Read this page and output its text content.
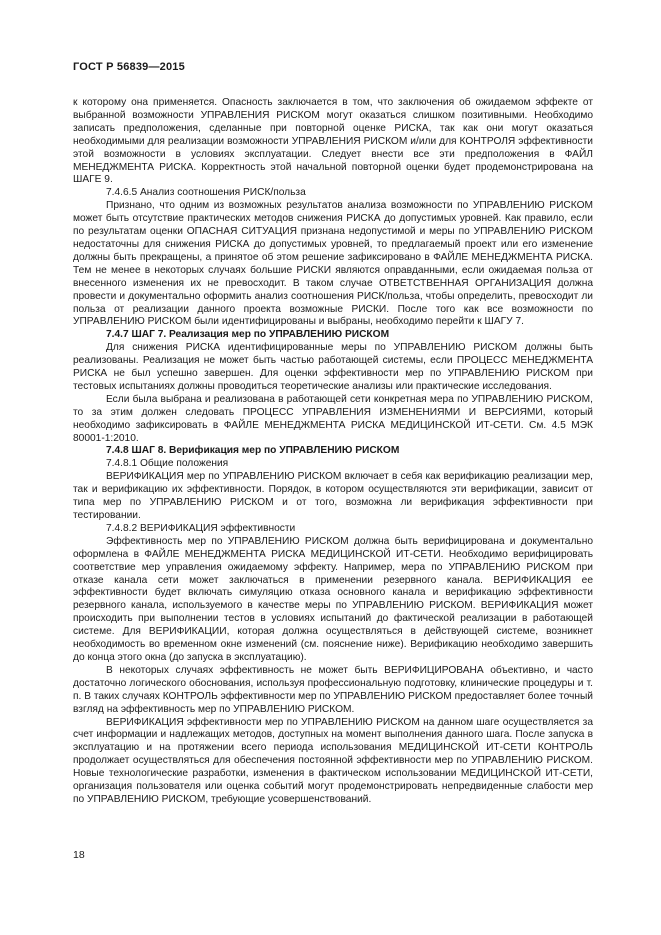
ГОСТ Р 56839—2015

к которому она применяется. Опасность заключается в том, что заключения об ожидаемом эффекте от выбранной возможности УПРАВЛЕНИЯ РИСКОМ могут оказаться слишком позитивными. Необходимо записать предположения, сделанные при повторной оценке РИСКА, так как они могут оказаться необходимыми для реализации возможности УПРАВЛЕНИЯ РИСКОМ и/или для КОНТРОЛЯ эффективности этой возможности в условиях эксплуатации. Следует внести все эти предположения в ФАЙЛ МЕНЕДЖМЕНТА РИСКА. Корректность этой начальной повторной оценки будет продемонстрирована на ШАГЕ 9.

7.4.6.5 Анализ соотношения РИСК/польза

Признано, что одним из возможных результатов анализа возможности по УПРАВЛЕНИЮ РИСКОМ может быть отсутствие практических методов снижения РИСКА до допустимых уровней. Как правило, если по результатам оценки ОПАСНАЯ СИТУАЦИЯ признана недопустимой и меры по УПРАВЛЕНИЮ РИСКОМ недостаточны для снижения РИСКА до допустимых уровней, то предлагаемый проект или его изменение должны быть прекращены, а принятое об этом решение зафиксировано в ФАЙЛЕ МЕНЕДЖМЕНТА РИСКА. Тем не менее в некоторых случаях большие РИСКИ являются оправданными, если ожидаемая польза от внесенного изменения их не превосходит. В таком случае ОТВЕТСТВЕННАЯ ОРГАНИЗАЦИЯ должна провести и документально оформить анализ соотношения РИСК/польза, чтобы определить, превосходит ли польза от реализации данного проекта возможные РИСКИ. После того как все возможности по УПРАВЛЕНИЮ РИСКОМ были идентифицированы и выбраны, необходимо перейти к ШАГУ 7.

7.4.7 ШАГ 7. Реализация мер по УПРАВЛЕНИЮ РИСКОМ

Для снижения РИСКА идентифицированные меры по УПРАВЛЕНИЮ РИСКОМ должны быть реализованы. Реализация не может быть частью работающей системы, если ПРОЦЕСС МЕНЕДЖМЕНТА РИСКА не был успешно завершен. Для оценки эффективности мер по УПРАВЛЕНИЮ РИСКОМ при тестовых испытаниях должны проводиться теоретические анализы или практические исследования.

Если была выбрана и реализована в работающей сети конкретная мера по УПРАВЛЕНИЮ РИСКОМ, то за этим должен следовать ПРОЦЕСС УПРАВЛЕНИЯ ИЗМЕНЕНИЯМИ И ВЕРСИЯМИ, который необходимо зафиксировать в ФАЙЛЕ МЕНЕДЖМЕНТА РИСКА МЕДИЦИНСКОЙ ИТ-СЕТИ. См. 4.5 МЭК 80001-1:2010.

7.4.8 ШАГ 8. Верификация мер по УПРАВЛЕНИЮ РИСКОМ

7.4.8.1 Общие положения

ВЕРИФИКАЦИЯ мер по УПРАВЛЕНИЮ РИСКОМ включает в себя как верификацию реализации мер, так и верификацию их эффективности. Порядок, в котором осуществляются эти верификации, зависит от типа мер по УПРАВЛЕНИЮ РИСКОМ и от того, возможна ли верификация эффективности при тестировании.

7.4.8.2 ВЕРИФИКАЦИЯ эффективности

Эффективность мер по УПРАВЛЕНИЮ РИСКОМ должна быть верифицирована и документально оформлена в ФАЙЛЕ МЕНЕДЖМЕНТА РИСКА МЕДИЦИНСКОЙ ИТ-СЕТИ. Необходимо верифицировать соответствие мер управления ожидаемому эффекту. Например, мера по УПРАВЛЕНИЮ РИСКОМ при отказе канала сети может заключаться в применении резервного канала. ВЕРИФИКАЦИЯ ее эффективности будет включать симуляцию отказа основного канала и верификацию эффективности резервного канала, используемого в качестве меры по УПРАВЛЕНИЮ РИСКОМ. ВЕРИФИКАЦИЯ может происходить при выполнении тестов в условиях испытаний до фактической реализации в работающей системе. Для ВЕРИФИКАЦИИ, которая должна осуществляться в действующей системе, возникнет необходимость во временном окне изменений (см. пояснение ниже). Верификацию необходимо завершить до конца этого окна (до запуска в эксплуатацию).

В некоторых случаях эффективность не может быть ВЕРИФИЦИРОВАНА объективно, и часто достаточно логического обоснования, используя профессиональную подготовку, клинические процедуры и т. п. В таких случаях КОНТРОЛЬ эффективности мер по УПРАВЛЕНИЮ РИСКОМ предоставляет более точный взгляд на эффективность мер по УПРАВЛЕНИЮ РИСКОМ.

ВЕРИФИКАЦИЯ эффективности мер по УПРАВЛЕНИЮ РИСКОМ на данном шаге осуществляется за счет информации и надлежащих методов, доступных на момент выполнения данного шага. После запуска в эксплуатацию и на протяжении всего периода использования МЕДИЦИНСКОЙ ИТ-СЕТИ КОНТРОЛЬ продолжает осуществляться для обеспечения постоянной эффективности мер по УПРАВЛЕНИЮ РИСКОМ. Новые технологические разработки, изменения в фактическом использовании МЕДИЦИНСКОЙ ИТ-СЕТИ, организация пользователя или оценка событий могут продемонстрировать непредвиденные слабости мер по УПРАВЛЕНИЮ РИСКОМ, требующие усовершенствований.

18
